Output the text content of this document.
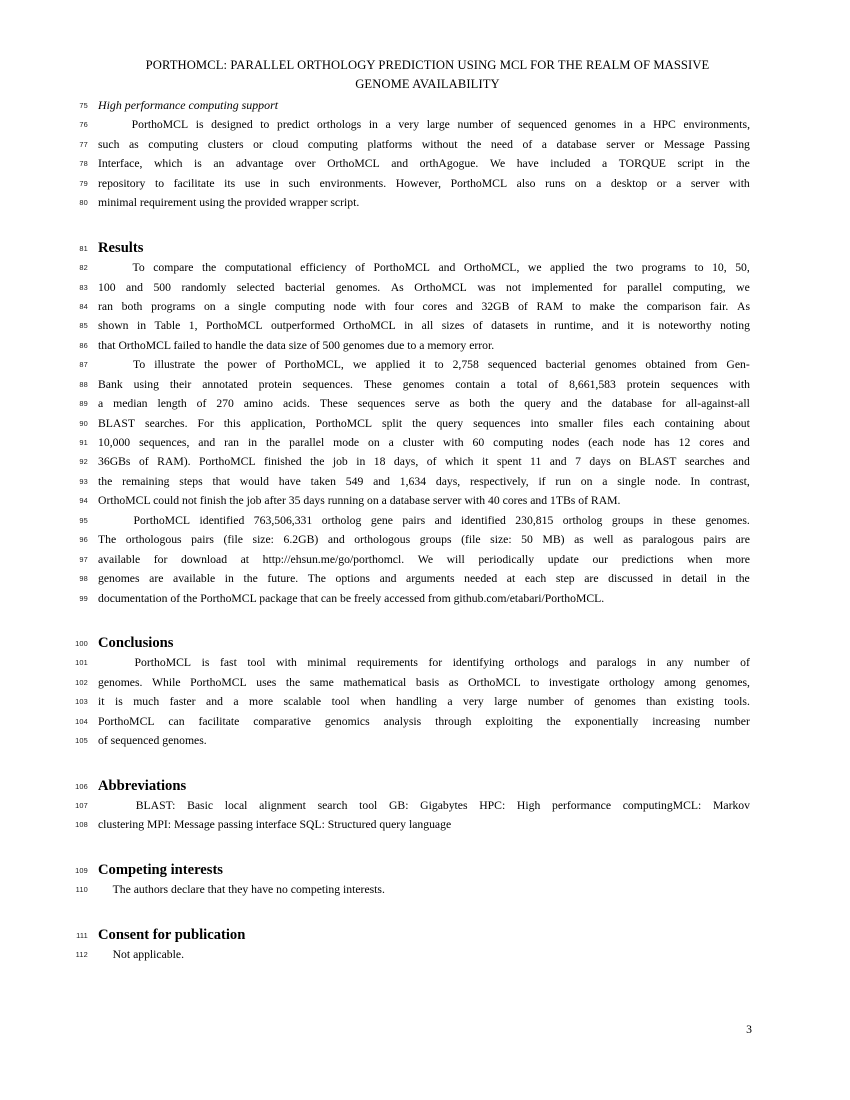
PORTHOMCL: PARALLEL ORTHOLOGY PREDICTION USING MCL FOR THE REALM OF MASSIVE
GENOME AVAILABILITY
75 High performance computing support
76	PorthoMCL is designed to predict orthologs in a very large number of sequenced genomes in a HPC environments,
77 such as computing clusters or cloud computing platforms without the need of a database server or Message Passing
78 Interface, which is an advantage over OrthoMCL and orthAgogue. We have included a TORQUE script in the
79 repository to facilitate its use in such environments. However, PorthoMCL also runs on a desktop or a server with
80 minimal requirement using the provided wrapper script.
81 Results
82	To compare the computational efficiency of PorthoMCL and OrthoMCL, we applied the two programs to 10, 50,
83 100 and 500 randomly selected bacterial genomes. As OrthoMCL was not implemented for parallel computing, we
84 ran both programs on a single computing node with four cores and 32GB of RAM to make the comparison fair. As
85 shown in Table 1, PorthoMCL outperformed OrthoMCL in all sizes of datasets in runtime, and it is noteworthy noting
86 that OrthoMCL failed to handle the data size of 500 genomes due to a memory error.
87	To illustrate the power of PorthoMCL, we applied it to 2,758 sequenced bacterial genomes obtained from Gen-
88 Bank using their annotated protein sequences. These genomes contain a total of 8,661,583 protein sequences with
89 a median length of 270 amino acids. These sequences serve as both the query and the database for all-against-all
90 BLAST searches. For this application, PorthoMCL split the query sequences into smaller files each containing about
91 10,000 sequences, and ran in the parallel mode on a cluster with 60 computing nodes (each node has 12 cores and
92 36GBs of RAM). PorthoMCL finished the job in 18 days, of which it spent 11 and 7 days on BLAST searches and
93 the remaining steps that would have taken 549 and 1,634 days, respectively, if run on a single node. In contrast,
94 OrthoMCL could not finish the job after 35 days running on a database server with 40 cores and 1TBs of RAM.
95	PorthoMCL identified 763,506,331 ortholog gene pairs and identified 230,815 ortholog groups in these genomes.
96 The orthologous pairs (file size: 6.2GB) and orthologous groups (file size: 50 MB) as well as paralogous pairs are
97 available for download at http://ehsun.me/go/porthomcl. We will periodically update our predictions when more
98 genomes are available in the future. The options and arguments needed at each step are discussed in detail in the
99 documentation of the PorthoMCL package that can be freely accessed from github.com/etabari/PorthoMCL.
100 Conclusions
101	PorthoMCL is fast tool with minimal requirements for identifying orthologs and paralogs in any number of
102 genomes. While PorthoMCL uses the same mathematical basis as OrthoMCL to investigate orthology among genomes,
103 it is much faster and a more scalable tool when handling a very large number of genomes than existing tools.
104 PorthoMCL can facilitate comparative genomics analysis through exploiting the exponentially increasing number
105 of sequenced genomes.
106 Abbreviations
107	BLAST: Basic local alignment search tool GB: Gigabytes HPC: High performance computingMCL: Markov
108 clustering MPI: Message passing interface SQL: Structured query language
109 Competing interests
110 The authors declare that they have no competing interests.
111 Consent for publication
112 Not applicable.
3
